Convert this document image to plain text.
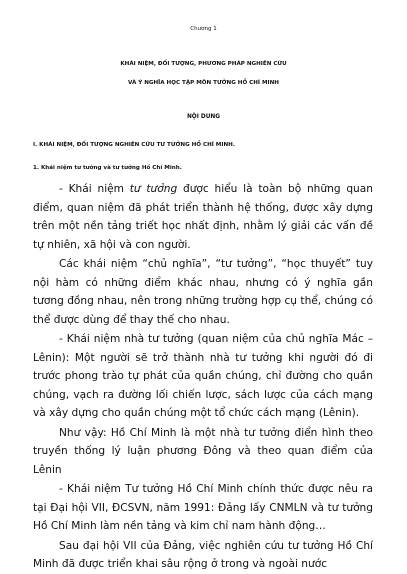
Chương 1
KHÁI NIỆM, ĐỐI TƯỢNG, PHƯƠNG PHÁP NGHIÊN CỨU
VÀ Ý NGHĨA HỌC TẬP MÔN TƯỞNG HỒ CHÍ MINH
NỘI DUNG
I. KHÁI NIỆM, ĐỐI TƯỢNG NGHIÊN CỨU TƯ TƯỞNG HỒ CHÍ MINH.
1. Khái niệm tư tưởng và tư tưởng Hồ Chí Minh.

- Khái niệm tư tưởng được hiểu là toàn bộ những quan điểm, quan niệm đã phát triển thành hệ thống, được xây dựng trên một nền tảng triết học nhất định, nhằm lý giải các vấn đề tự nhiên, xã hội và con người.

Các khái niệm “chủ nghĩa”, “tư tưởng”, “học thuyết” tuy nội hàm có những điểm khác nhau, nhưng có ý nghĩa gần tương đồng nhau, nên trong những trường hợp cụ thể, chúng có thể được dùng để thay thế cho nhau.

- Khái niệm nhà tư tưởng (quan niệm của chủ nghĩa Mác – Lênin): Một người sẽ trở thành nhà tư tưởng khi người đó đi trước phong trào tự phát của quần chúng, chỉ đường cho quần chúng, vạch ra đường lối chiến lược, sách lược của cách mạng và xây dựng cho quần chúng một tổ chức cách mạng (Lênin).

Như vậy: Hồ Chí Minh là một nhà tư tưởng điển hình theo truyền thống lý luận phương Đông và theo quan điểm của Lênin

- Khái niệm Tư tưởng Hồ Chí Minh chính thức được nêu ra tại Đại hội VII, ĐCSVN, năm 1991: Đảng lấy CNMLN và tư tưởng Hồ Chí Minh làm nền tảng và kim chỉ nam hành động…

Sau đại hội VII của Đảng, việc nghiên cứu tư tưởng Hồ Chí Minh đã được triển khai sâu rộng ở trong và ngoài nước
